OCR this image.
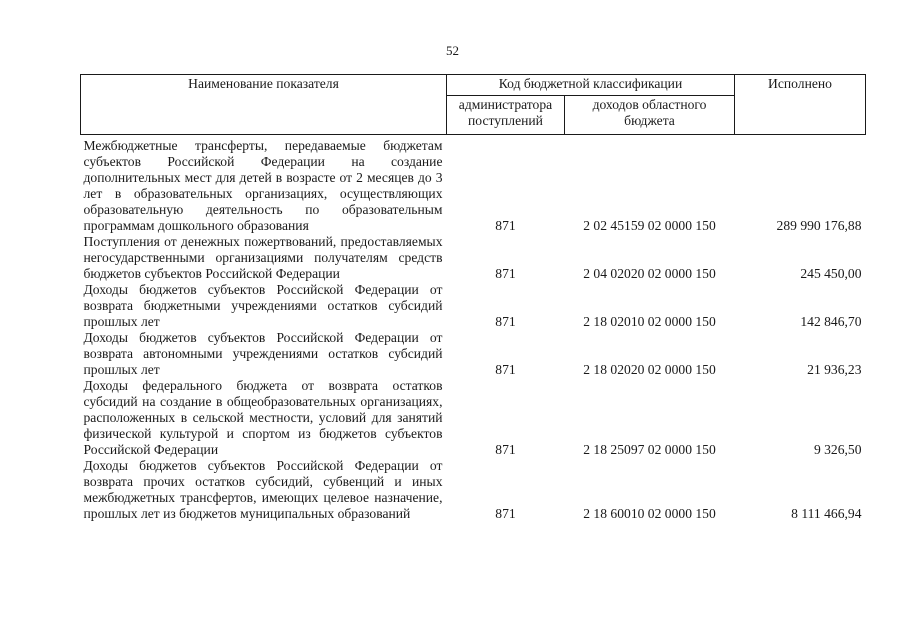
52
Наименование показателя	Код бюджетной классификации		Исполнено
	администратора поступлений	доходов областного бюджета	
Межбюджетные трансферты, передаваемые бюджетам субъектов Российской Федерации на создание дополнительных мест для детей в возрасте от 2 месяцев до 3 лет в образовательных организациях, осуществляющих образовательную деятельность по образовательным программам дошкольного образования	871	2 02 45159 02 0000 150	289 990 176,88
Поступления от денежных пожертвований, предоставляемых негосударственными организациями получателям средств бюджетов субъектов Российской Федерации	871	2 04 02020 02 0000 150	245 450,00
Доходы бюджетов субъектов Российской Федерации от возврата бюджетными учреждениями остатков субсидий прошлых лет	871	2 18 02010 02 0000 150	142 846,70
Доходы бюджетов субъектов Российской Федерации от возврата автономными учреждениями остатков субсидий прошлых лет	871	2 18 02020 02 0000 150	21 936,23
Доходы федерального бюджета от возврата остатков субсидий на создание в общеобразовательных организациях, расположенных в сельской местности, условий для занятий физической культурой и спортом из бюджетов субъектов Российской Федерации	871	2 18 25097 02 0000 150	9 326,50
Доходы бюджетов субъектов Российской Федерации от возврата прочих остатков субсидий, субвенций и иных межбюджетных трансфертов, имеющих целевое назначение, прошлых лет из бюджетов муниципальных образований	871	2 18 60010 02 0000 150	8 111 466,94
